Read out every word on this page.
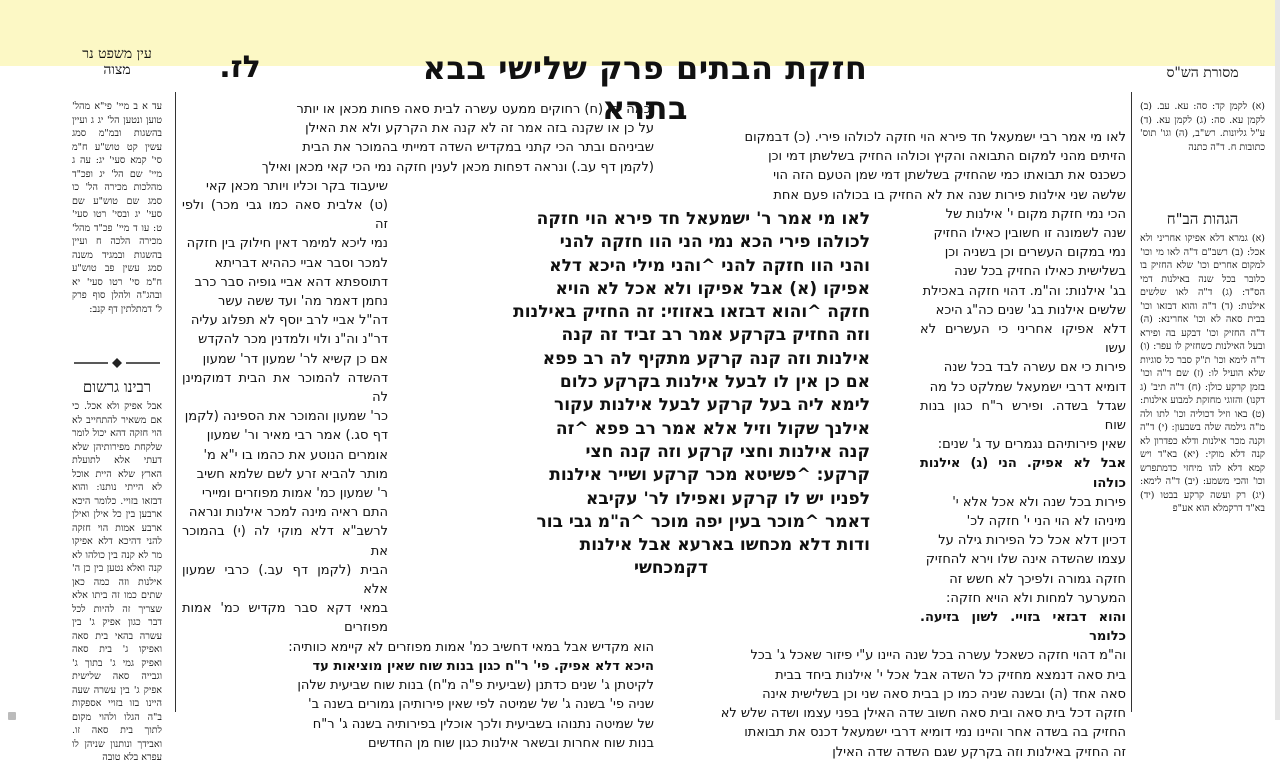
חזקת הבתים פרק שלישי בבא בתרא
לז.	מסורת הש"ס
עין משפט נר מצוה
(א) לקמן קד: סה: עא. עב. (ב) לקמן עא. סה: (ג) לקמן עא. (ד) ע"ל גליונות. רש"ב, (ה) וגו' תוס' כתובות ח. ד"ה כתנה
הגהות הב"ח
(א) גמרא דלא אפיקו אחריני ולא אכל: (ב) רשב"ם ד"ה לאו מי וכו' למקום אחרים וכו' שלא החזיק בו כלובר בכל שנה באילנות דמי הס"ד: (ג) ד"ה לאו שלשים אילנות: (ד) ד"ה והוא דבזאו וכו' בבית סאה לא וכו' אחרינא: (ה) ד"ה החזיק וכו' דבקע בה ופירא ובעל האילנות כשחזיק לו עפר: (ו) ד"ה לימא וכו' ת"ק סבר כל סוגיות שלא הועיל לו: (ז) שם ד"ה וכו' בזמן קרקע כולן: (ח) ד"ה תיב' (ג דקנו) והזוגי מחזקת למבוע אילנות: (ט) באו וזיל דכוליה וכו' לתו ולה מ"ה גילמה שלה בשבעון: (י) ד"ה וקנה מכר אילנות ודלא כפדרון לא קנה דלא מוקי: (יא) בא"ד ויש קמא דלא להו מיחזי כדמתפרש וכו' והכי משמע: (יב) ד"ה לימא: (יג) רק ועשה קרקע בבטו (יד) בא"ד דרקמלא הוא אע"פ
עד א ב מיי' פי"א מהל' טוען ונטען הל' יג ג ועיין בהשגות ובמ"מ סמג עשין קט טוש"ע ח"מ סי' קמא סעי' יג: עה ג מיי' שם הל' יג ופכ"ד מהלכות מכירה הל' כו סמג שם טוש"ע שם סעי' יג ובסי' רטו סעי' ט: עו ד מיי' פכ"ד מהל' מכירה הלכה ח ועיין בהשגות ובמגיד משנה סמג עשין פב טוש"ע ח"מ סי' רטו סעי' יא ובהג"ה ולהלן סוף פרק ל' דמתלתין דף קנב:
רבינו גרשום
אבל אפיק ולא אכל. כי אם משאיר להתחייב לא הוי חזקה דהא יכול לומר שלקחת מפירותיהן שלא דעתי אלא לתועלת הארץ שלא היית אוכל לא הייתי נותנו: והוא דבזאו בזויי. כלומר היכא ארבען בין כל אילן ואילן ארבע אמות הוי חזקה להני דהיכא דלא אפיקו מר לא קנה בין כולהו לא קנה ואלא נטען בין כן ה' אילנות וזה כמה כאן שתים כמו זה ביתו אלא שצריך זה להיות לכל דבר כגון אפיק ג' בין עשרה בהאי בית סאה ואפיקו ג' בית סאה ואפיק גמי ג' בתוך ג' וגבייה סאה שלישית אפיק ג' בין עשרה שעה היינו בזו בזויי אספקות ב"ה הגלו ולהוי מקום לתוך בית סאה זו. ואבידך ונותנון שניהן לו עפרא בלא טובה
לאו מי אמר רבי ישמעאל חד פירא הוי חזקה לכולהו פירי. (כ) דבמקום
הזיתים מהני למקום התבואה והקיץ וכולהו החזיק בשלשתן דמי וכן
כשכנס את תבואתו כמי שהחזיק בשלשתן דמי שמן הטעם הזה הוי
שלשה שני אילנות פירות שנה את לא החזיק בו בכולהו פעם אחת
הכי נמי חזקת מקום י' אילנות של
שנה לשמונה זו חשובין כאילו החזיק
נמי במקום העשרים וכן בשניה וכן
בשלישית כאילו החזיק בכל שנה
בג' אילנות: וה"מ. דהוי חזקה באכילת
שלשים אילנות בג' שנים כה"ג היכא
דלא אפיקו אחריני כי העשרים לא עשו
פירות כי אם עשרה לבד בכל שנה
דומיא דרבי ישמעאל שמלקט כל מה
שגדל בשדה. ופירש ר"ח כגון בנות שוח
שאין פירותיהם נגמרים עד ג' שנים:
אבל לא אפיק. הני (ג) אילנות כולהו
פירות בכל שנה ולא אכל אלא י'
מיניהו לא הוי הני י' חזקה לכ'
דכיון דלא אכל כל הפירות גילה על
עצמו שהשדה אינה שלו וירא להחזיק
חזקה גמורה ולפיכך לא חשש זה
המערער למחות ולא הויא חזקה:
והוא דבזאי בזויי. לשון בזיעה. כלומר
וה"מ דהוי חזקה כשאכל עשרה בכל שנה היינו ע"י פיזור שאכל ג' בכל
בית סאה דנמצא מחזיק כל השדה אבל אכל י' אילנות ביחד בבית
סאה אחד (ה) ובשנה שניה כמו כן בבית סאה שני וכן בשלישית אינה
חזקה דכל בית סאה ובית סאה חשוב שדה האילן בפני עצמו ושדה שלש לא
החזיק בה בשדה אחר והיינו נמי דומיא דרבי ישמעאל דכנס את תבואתו
זה החזיק באילנות וזה בקרקע שגם השדה שדה האילן
וכמה יהו (ח) רחוקים ממעט עשרה לבית סאה פחות מכאן או יותר
על כן או שקנה בזה אמר זה לא קנה את הקרקע ולא את האילן
שביניהם ובתר הכי קתני במקדיש השדה דמייתי בהמוכר את הבית
(לקמן דף עב.) ונראה דפחות מכאן לענין חזקה נמי הכי קאי מכאן ואילך
שיעבוד בקר וכליו ויותר מכאן קאי
(ט) אלבית סאה כמו גבי מכר) ולפי זה
נמי ליכא למימר דאין חילוק בין חזקה
למכר וסבר אביי כההיא דבריתא
דתוספתא דהא אביי גופיה סבר כרב
נחמן דאמר מה' ועד ששה עשר
דה"ל אביי לרב יוסף לא תפלוג עליה
דר"נ וה"נ ולוי ולמדנין מכר להקדש
אם כן קשיא לר' שמעון דר' שמעון
דהשדה להמוכר את הבית דמוקמינן לה
כר' שמעון והמוכר את הספינה (לקמן
דף סג.) אמר רבי מאיר ור' שמעון
אומרים הנוטע את כהמו בו י"א מ'
מותר להביא זרע לשם שלמא חשיב
ר' שמעון כמ' אמות מפוזרים ומיירי
התם ראיה מינה למכר אילנות ונראה
לרשב"א דלא מוקי לה (י) בהמוכר את
הבית (לקמן דף עב.) כרבי שמעון אלא
במאי דקא סבר מקדיש כמ' אמות מפוזרים
הוא מקדיש אבל במאי דחשיב כמ' אמות מפוזרים לא קיימא כוותיה:
היכא דלא אפיק. פי' ר"ח כגון בנות שוח שאין מוציאות עד
לקיטתן ג' שנים כדתנן (שביעית פ"ה מ"ח) בנות שוח שביעית שלהן
שניה פי' בשנה ג' של שמיטה לפי שאין פירותיהן גמורים בשנה ב'
של שמיטה נתנוהו בשביעית ולכך אוכלין בפירותיה בשנה ג' ר"ח
בנות שוח אחרות ובשאר אילנות כגון שוח מן החדשים
לאו מי אמר ר' ישמעאל חד פירא הוי חזקה
לכולהו פירי הכא נמי הני הוו חזקה להני
והני הוו חזקה להני ^והני מילי היכא דלא
אפיקו (א) אבל אפיקו ולא אכל לא הויא
חזקה ^והוא דבזאו באזוזי: זה החזיק באילנות
וזה החזיק בקרקע אמר רב זביד זה קנה
אילנות וזה קנה קרקע מתקיף לה רב פפא
אם כן אין לו לבעל אילנות בקרקע כלום
לימא ליה בעל קרקע לבעל אילנות עקור
אילנך שקול וזיל אלא אמר רב פפא ^זה
קנה אילנות וחצי קרקע וזה קנה חצי
קרקע: ^פשיטא מכר קרקע ושייר אילנות
לפניו יש לו קרקע ואפילו לר' עקיבא
דאמר ^מוכר בעין יפה מוכר ^ה"מ גבי בור
ודות דלא מכחשו בארעא אבל אילנות
דקמכחשי
